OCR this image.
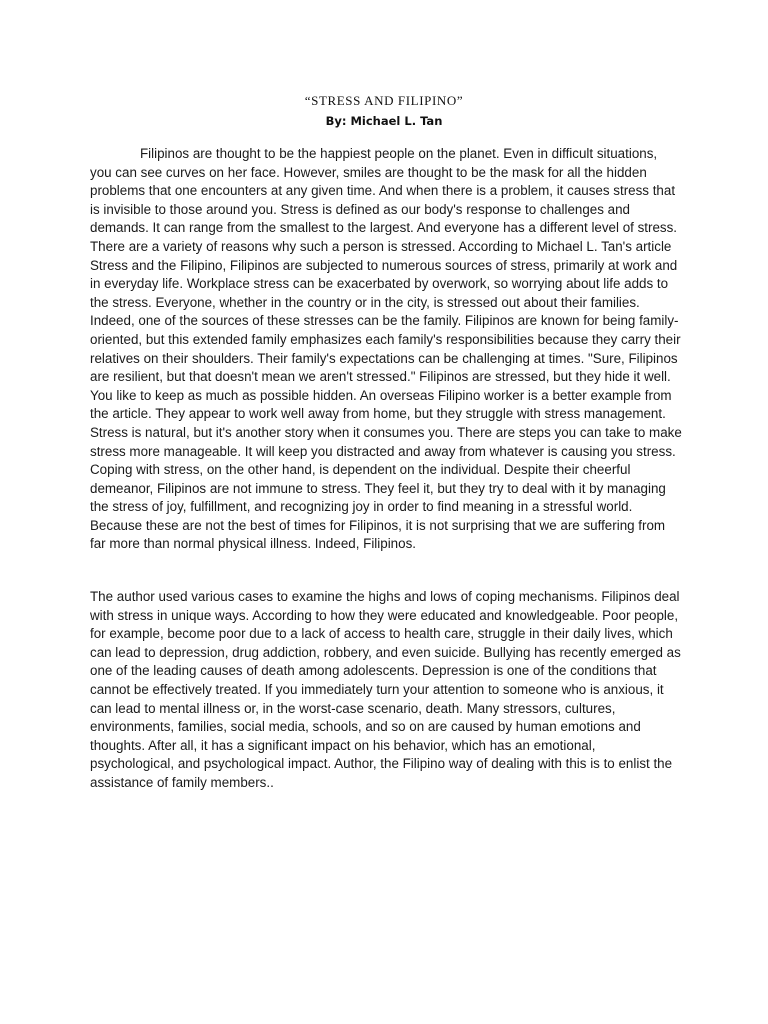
“STRESS AND FILIPINO”
By: Michael L. Tan

Filipinos are thought to be the happiest people on the planet. Even in difficult situations, you can see curves on her face. However, smiles are thought to be the mask for all the hidden problems that one encounters at any given time. And when there is a problem, it causes stress that is invisible to those around you. Stress is defined as our body's response to challenges and demands. It can range from the smallest to the largest. And everyone has a different level of stress. There are a variety of reasons why such a person is stressed. According to Michael L. Tan's article Stress and the Filipino, Filipinos are subjected to numerous sources of stress, primarily at work and in everyday life. Workplace stress can be exacerbated by overwork, so worrying about life adds to the stress. Everyone, whether in the country or in the city, is stressed out about their families. Indeed, one of the sources of these stresses can be the family. Filipinos are known for being family-oriented, but this extended family emphasizes each family's responsibilities because they carry their relatives on their shoulders. Their family's expectations can be challenging at times. "Sure, Filipinos are resilient, but that doesn't mean we aren't stressed." Filipinos are stressed, but they hide it well. You like to keep as much as possible hidden. An overseas Filipino worker is a better example from the article. They appear to work well away from home, but they struggle with stress management. Stress is natural, but it's another story when it consumes you. There are steps you can take to make stress more manageable. It will keep you distracted and away from whatever is causing you stress. Coping with stress, on the other hand, is dependent on the individual. Despite their cheerful demeanor, Filipinos are not immune to stress. They feel it, but they try to deal with it by managing the stress of joy, fulfillment, and recognizing joy in order to find meaning in a stressful world. Because these are not the best of times for Filipinos, it is not surprising that we are suffering from far more than normal physical illness. Indeed, Filipinos.

The author used various cases to examine the highs and lows of coping mechanisms. Filipinos deal with stress in unique ways. According to how they were educated and knowledgeable. Poor people, for example, become poor due to a lack of access to health care, struggle in their daily lives, which can lead to depression, drug addiction, robbery, and even suicide. Bullying has recently emerged as one of the leading causes of death among adolescents. Depression is one of the conditions that cannot be effectively treated. If you immediately turn your attention to someone who is anxious, it can lead to mental illness or, in the worst-case scenario, death. Many stressors, cultures, environments, families, social media, schools, and so on are caused by human emotions and thoughts. After all, it has a significant impact on his behavior, which has an emotional, psychological, and psychological impact. Author, the Filipino way of dealing with this is to enlist the assistance of family members..
